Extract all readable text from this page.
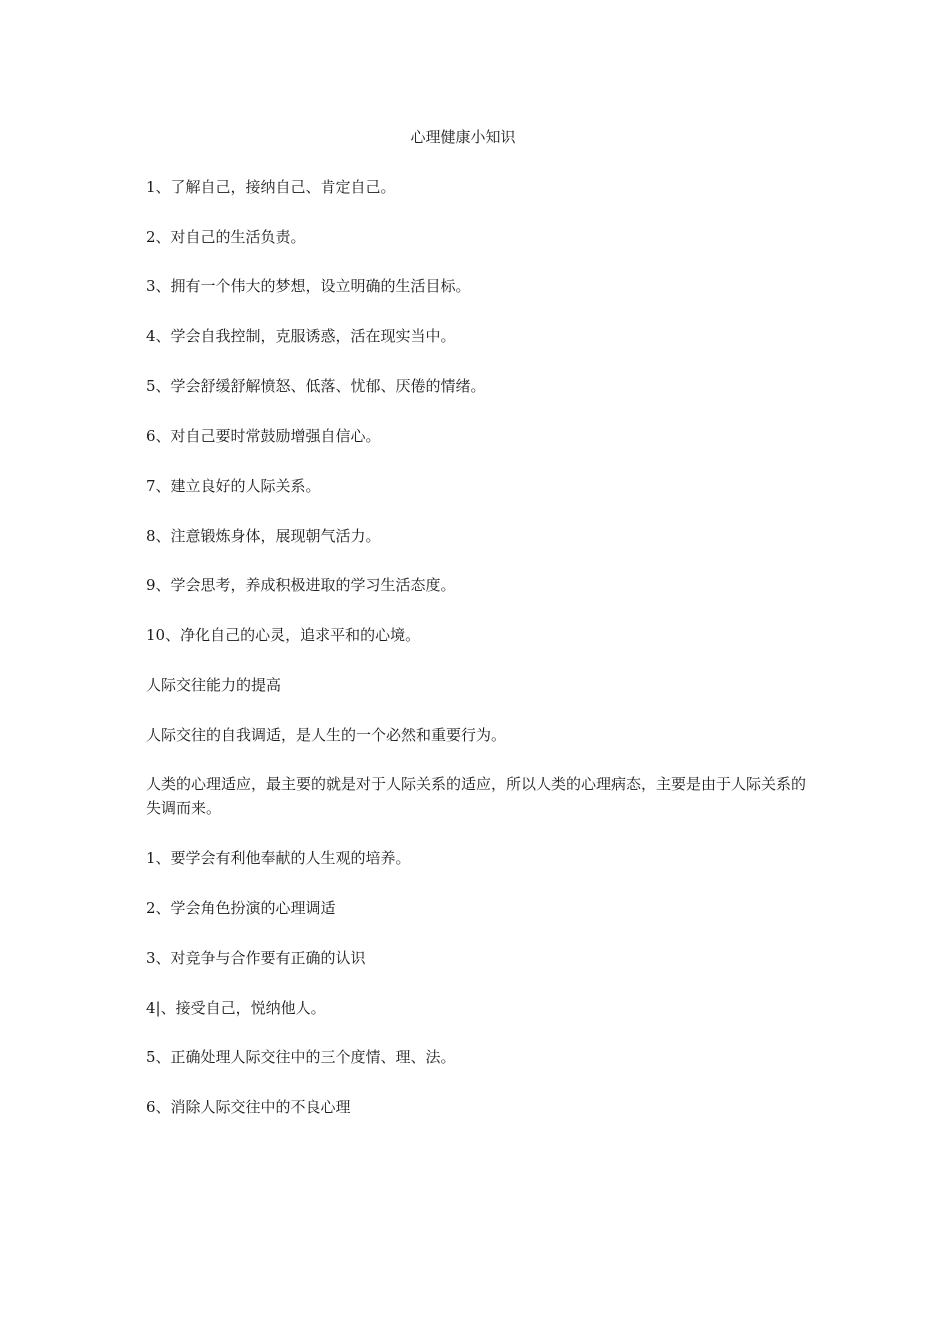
心理健康小知识
1、了解自己，接纳自己、肯定自己。
2、对自己的生活负责。
3、拥有一个伟大的梦想，设立明确的生活目标。
4、学会自我控制，克服诱惑，活在现实当中。
5、学会舒缓舒解愤怒、低落、忧郁、厌倦的情绪。
6、对自己要时常鼓励增强自信心。
7、建立良好的人际关系。
8、注意锻炼身体，展现朝气活力。
9、学会思考，养成积极进取的学习生活态度。
10、净化自己的心灵，追求平和的心境。
人际交往能力的提高
人际交往的自我调适，是人生的一个必然和重要行为。
人类的心理适应，最主要的就是对于人际关系的适应，所以人类的心理病态，主要是由于人际关系的失调而来。
1、要学会有利他奉献的人生观的培养。
2、学会角色扮演的心理调适
3、对竞争与合作要有正确的认识
4|、接受自己，悦纳他人。
5、正确处理人际交往中的三个度情、理、法。
6、消除人际交往中的不良心理
